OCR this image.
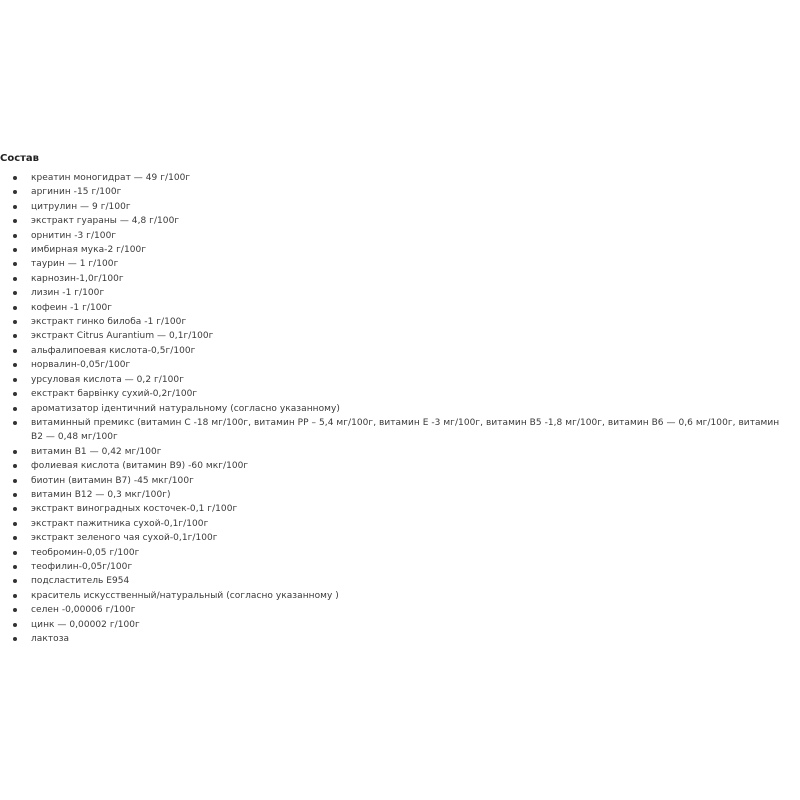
Состав
креатин моногидрат — 49 г/100г
аргинин -15 г/100г
цитрулин — 9 г/100г
экстракт гуараны — 4,8 г/100г
орнитин -3 г/100г
имбирная мука-2 г/100г
таурин — 1 г/100г
карнозин-1,0г/100г
лизин -1 г/100г
кофеин -1 г/100г
экстракт гинко билоба -1 г/100г
экстракт Citrus Aurantium — 0,1г/100г
альфалипоевая кислота-0,5г/100г
норвалин-0,05г/100г
урсуловая кислота — 0,2 г/100г
екстракт барвінку сухий-0,2г/100г
ароматизатор ідентичний натуральному (согласно указанному)
витаминный премикс (витамин С -18 мг/100г, витамин РР – 5,4 мг/100г, витамин Е -3 мг/100г, витамин В5 -1,8 мг/100г, витамин В6 — 0,6 мг/100г, витамин В2 — 0,48 мг/100г
витамин В1 — 0,42 мг/100г
фолиевая кислота (витамин В9) -60 мкг/100г
биотин (витамин В7) -45 мкг/100г
витамин В12 — 0,3 мкг/100г)
экстракт виноградных косточек-0,1 г/100г
экстракт пажитника сухой-0,1г/100г
экстракт зеленого чая сухой-0,1г/100г
теобромин-0,05 г/100г
теофилин-0,05г/100г
подсластитель Е954
краситель искусственный/натуральный (согласно указанному )
селен -0,00006 г/100г
цинк — 0,00002 г/100г
лактоза
